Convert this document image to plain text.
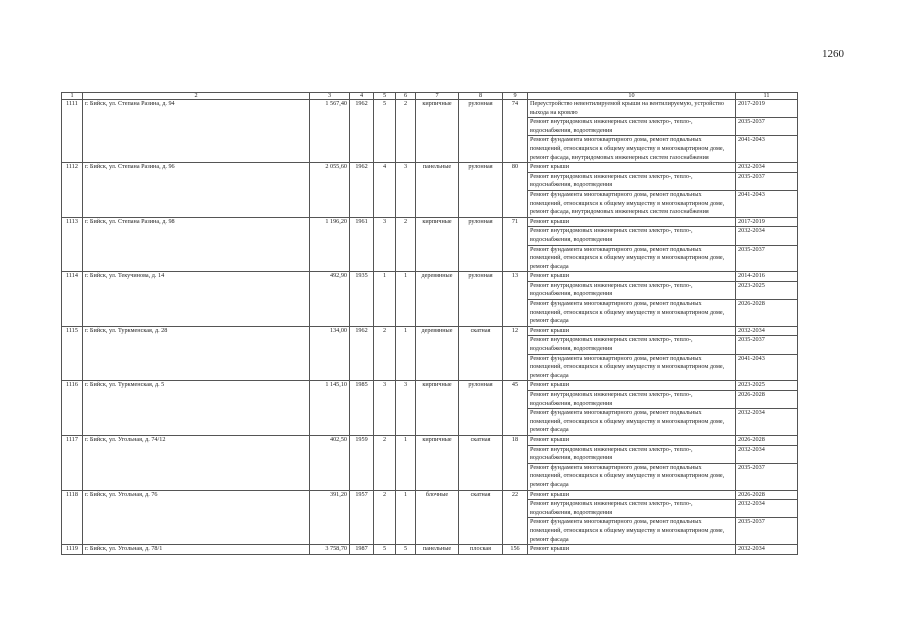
1260
1	2	3	4	5	6	7	8	9	10	11
1111	г. Бийск, ул. Степана Разина, д. 94	1 567,40	1962	5	2	кирпичные	рулонная	74	Переустройство невентилируемой крыши на вентилируемую, устройство выхода на кровлю	2017-2019
									Ремонт внутридомовых инженерных систем электро-, тепло-, водоснабжения, водоотведения	2035-2037
									Ремонт фундамента многоквартирного дома, ремонт подвальных помещений, относящихся к общему имуществу в многоквартирном доме, ремонт фасада, внутридомовых инженерных систем газоснабжения	2041-2043
1112	г. Бийск, ул. Степана Разина, д. 96	2 055,60	1962	4	3	панельные	рулонная	80	Ремонт крыши	2032-2034
									Ремонт внутридомовых инженерных систем электро-, тепло-, водоснабжения, водоотведения	2035-2037
									Ремонт фундамента многоквартирного дома, ремонт подвальных помещений, относящихся к общему имуществу в многоквартирном доме, ремонт фасада, внутридомовых инженерных систем газоснабжения	2041-2043
1113	г. Бийск, ул. Степана Разина, д. 98	1 196,20	1961	3	2	кирпичные	рулонная	71	Ремонт крыши	2017-2019
									Ремонт внутридомовых инженерных систем электро-, тепло-, водоснабжения, водоотведения	2032-2034
									Ремонт фундамента многоквартирного дома, ремонт подвальных помещений, относящихся к общему имуществу в многоквартирном доме, ремонт фасада	2035-2037
1114	г. Бийск, ул. Текучинова, д. 14	492,90	1935	1	1	деревянные	рулонная	13	Ремонт крыши	2014-2016
									Ремонт внутридомовых инженерных систем электро-, тепло-, водоснабжения, водоотведения	2023-2025
									Ремонт фундамента многоквартирного дома, ремонт подвальных помещений, относящихся к общему имуществу в многоквартирном доме, ремонт фасада	2026-2028
1115	г. Бийск, ул. Туркменская, д. 28	134,00	1962	2	1	деревянные	скатная	12	Ремонт крыши	2032-2034
									Ремонт внутридомовых инженерных систем электро-, тепло-, водоснабжения, водоотведения	2035-2037
									Ремонт фундамента многоквартирного дома, ремонт подвальных помещений, относящихся к общему имуществу в многоквартирном доме, ремонт фасада	2041-2043
1116	г. Бийск, ул. Туркменская, д. 5	1 145,10	1985	3	3	кирпичные	рулонная	45	Ремонт крыши	2023-2025
									Ремонт внутридомовых инженерных систем электро-, тепло-, водоснабжения, водоотведения	2026-2028
									Ремонт фундамента многоквартирного дома, ремонт подвальных помещений, относящихся к общему имуществу в многоквартирном доме, ремонт фасада	2032-2034
1117	г. Бийск, ул. Угольная, д. 74/12	402,50	1959	2	1	кирпичные	скатная	18	Ремонт крыши	2026-2028
									Ремонт внутридомовых инженерных систем электро-, тепло-, водоснабжения, водоотведения	2032-2034
									Ремонт фундамента многоквартирного дома, ремонт подвальных помещений, относящихся к общему имуществу в многоквартирном доме, ремонт фасада	2035-2037
1118	г. Бийск, ул. Угольная, д. 76	391,20	1957	2	1	блочные	скатная	22	Ремонт крыши	2026-2028
									Ремонт внутридомовых инженерных систем электро-, тепло-, водоснабжения, водоотведения	2032-2034
									Ремонт фундамента многоквартирного дома, ремонт подвальных помещений, относящихся к общему имуществу в многоквартирном доме, ремонт фасада	2035-2037
1119	г. Бийск, ул. Угольная, д. 78/1	3 758,70	1987	5	5	панельные	плоская	156	Ремонт крыши	2032-2034
